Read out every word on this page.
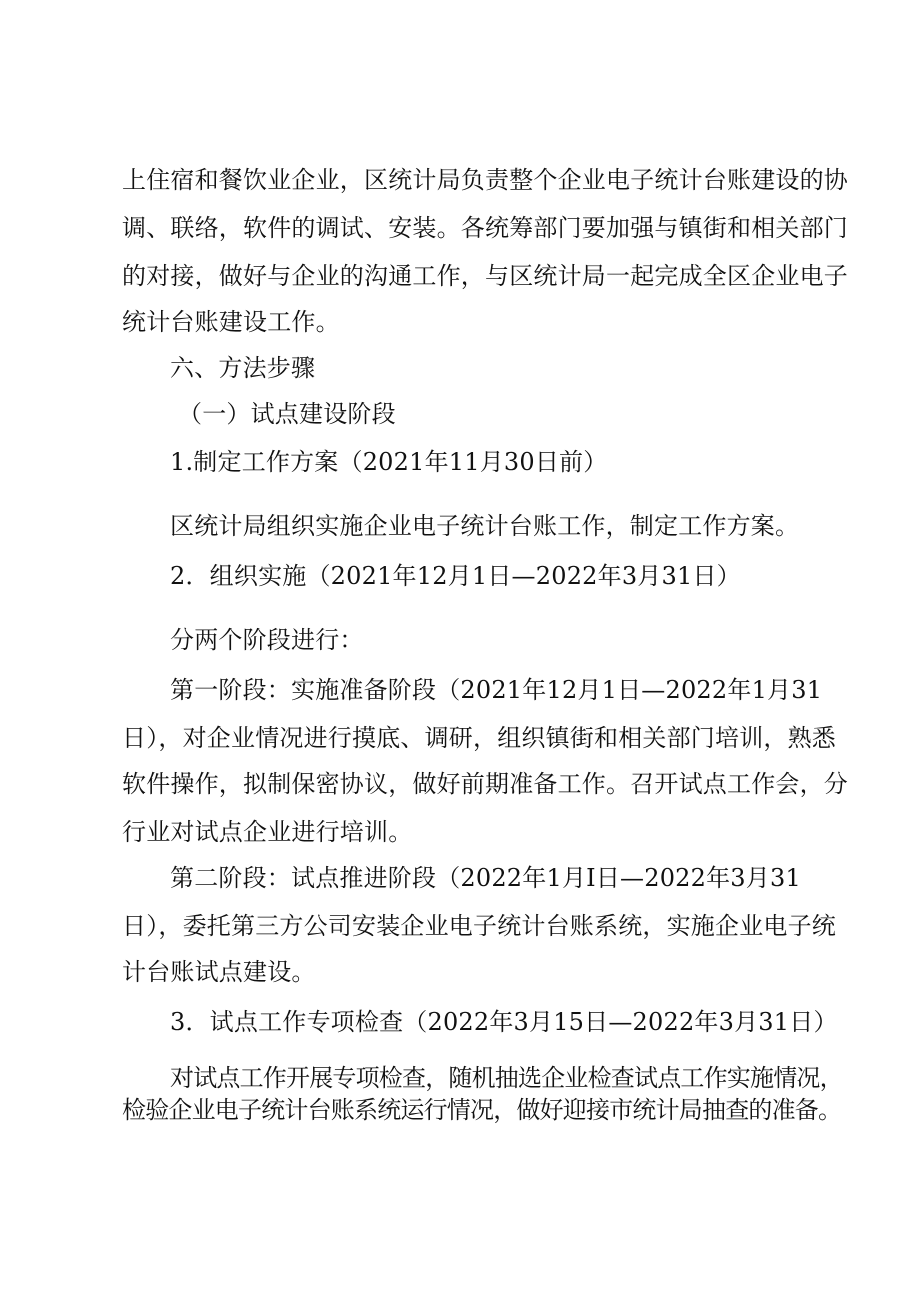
上住宿和餐饮业企业，区统计局负责整个企业电子统计台账建设的协
调、联络，软件的调试、安装。各统筹部门要加强与镇街和相关部门
的对接，做好与企业的沟通工作，与区统计局一起完成全区企业电子
统计台账建设工作。
六、方法步骤
（一）试点建设阶段
1.制定工作方案（2021年11月30日前）
区统计局组织实施企业电子统计台账工作，制定工作方案。
2．组织实施（2021年12月1日—2022年3月31日）
分两个阶段进行：
第一阶段：实施准备阶段（2021年12月1日—2022年1月31
日），对企业情况进行摸底、调研，组织镇街和相关部门培训，熟悉
软件操作，拟制保密协议，做好前期准备工作。召开试点工作会，分
行业对试点企业进行培训。
第二阶段：试点推进阶段（2022年1月I日—2022年3月31
日），委托第三方公司安装企业电子统计台账系统，实施企业电子统
计台账试点建设。
3．试点工作专项检查（2022年3月15日—2022年3月31日）
对试点工作开展专项检查，随机抽选企业检查试点工作实施情况，
检验企业电子统计台账系统运行情况，做好迎接市统计局抽查的准备。
